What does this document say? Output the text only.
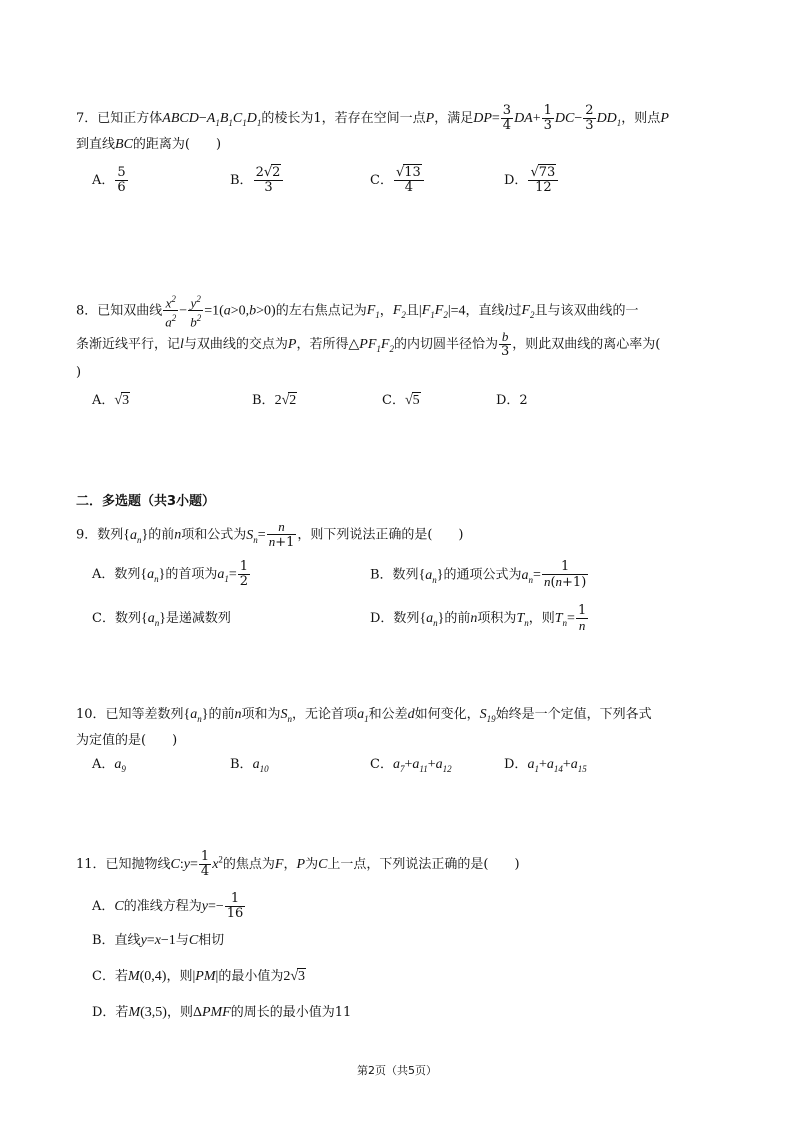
7．已知正方体$ABCD-A_1B_1C_1D_1$的棱长为1，若存在空间一点P，满足$DP= \frac{3}{4} DA+ \frac{1}{3} DC- \frac{2}{3} DD_1$，则点P
到直线BC的距离为(　　)
A． $\frac{5}{6}$	B． $\frac{2√2}{3}$	C． $\frac{√13}{4}$	D． $\frac{√73}{12}$
8．已知双曲线 $\frac{x^2}{a^2} - \frac{y^2}{b^2} =1(a>0,b>0)$的左右焦点记为$F_1$，$F_2$且$|F_1F_2|=4$，直线l过$F_2$且与该双曲线的一
条渐近线平行，记l与双曲线的交点为P，若所得$\triangle PF_1F_2$的内切圆半径恰为 $\frac{b}{3}$ ，则此双曲线的离心率为(
)
A．√3	B．2√2	C．√5	D．2
二．多选题（共3小题）
9．数列$\{a_n\}$的前n项和公式为$S_n= \frac{n}{n+1}$ ，则下列说法正确的是(　　)
A．数列$\{a_n\}$的首项为$a_1= \frac{1}{2}$	B．数列$\{a_n\}$的通项公式为$a_n= \frac{1}{n(n+1)}$
C．数列$\{a_n\}$是递减数列	D．数列$\{a_n\}$的前n项积为$T_n$，则$T_n= \frac{1}{n}$
10．已知等差数列$\{a_n\}$的前n项和为$S_n$，无论首项$a_1$和公差d如何变化，$S_{19}$始终是一个定值，下列各式
为定值的是(　　)
A．$a_9$	B．$a_{10}$	C．$a_7+a_{11}+a_{12}$	D．$a_1+a_{14}+a_{15}$
11．已知抛物线C:y= $\frac{1}{4} x^2$的焦点为F，P为C上一点，下列说法正确的是(　　)
A．C的准线方程为$y=- \frac{1}{16}$
B．直线y=x−1与C相切
C．若M(0,4)，则|PM|的最小值为2√3
D．若M(3,5)，则ΔPMF的周长的最小值为11
第2页（共5页）
